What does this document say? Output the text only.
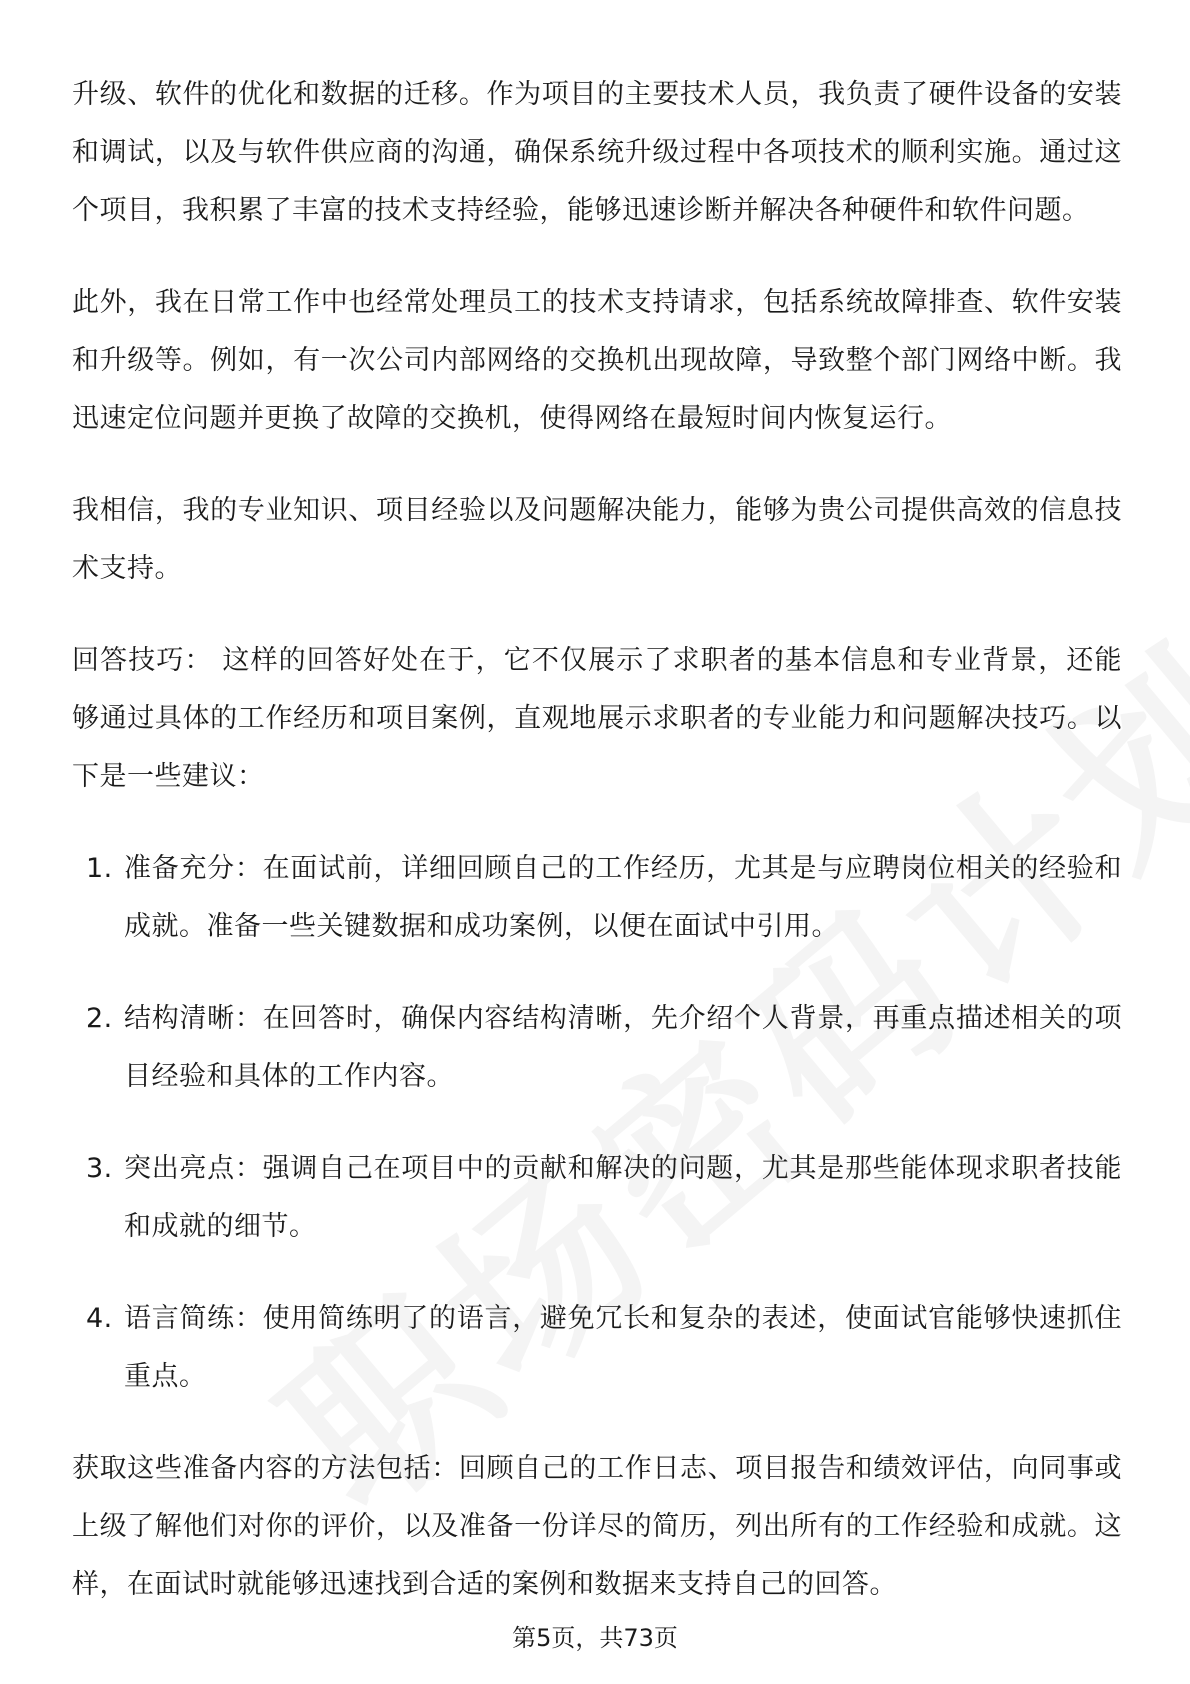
升级、软件的优化和数据的迁移。作为项目的主要技术人员，我负责了硬件设备的安装和调试，以及与软件供应商的沟通，确保系统升级过程中各项技术的顺利实施。通过这个项目，我积累了丰富的技术支持经验，能够迅速诊断并解决各种硬件和软件问题。

此外，我在日常工作中也经常处理员工的技术支持请求，包括系统故障排查、软件安装和升级等。例如，有一次公司内部网络的交换机出现故障，导致整个部门网络中断。我迅速定位问题并更换了故障的交换机，使得网络在最短时间内恢复运行。

我相信，我的专业知识、项目经验以及问题解决能力，能够为贵公司提供高效的信息技术支持。

回答技巧： 这样的回答好处在于，它不仅展示了求职者的基本信息和专业背景，还能够通过具体的工作经历和项目案例，直观地展示求职者的专业能力和问题解决技巧。以下是一些建议：

1. 准备充分：在面试前，详细回顾自己的工作经历，尤其是与应聘岗位相关的经验和成就。准备一些关键数据和成功案例，以便在面试中引用。
2. 结构清晰：在回答时，确保内容结构清晰，先介绍个人背景，再重点描述相关的项目经验和具体的工作内容。
3. 突出亮点：强调自己在项目中的贡献和解决的问题，尤其是那些能体现求职者技能和成就的细节。
4. 语言简练：使用简练明了的语言，避免冗长和复杂的表述，使面试官能够快速抓住重点。

获取这些准备内容的方法包括：回顾自己的工作日志、项目报告和绩效评估，向同事或上级了解他们对你的评价，以及准备一份详尽的简历，列出所有的工作经验和成就。这样，在面试时就能够迅速找到合适的案例和数据来支持自己的回答。

第5页，共73页
